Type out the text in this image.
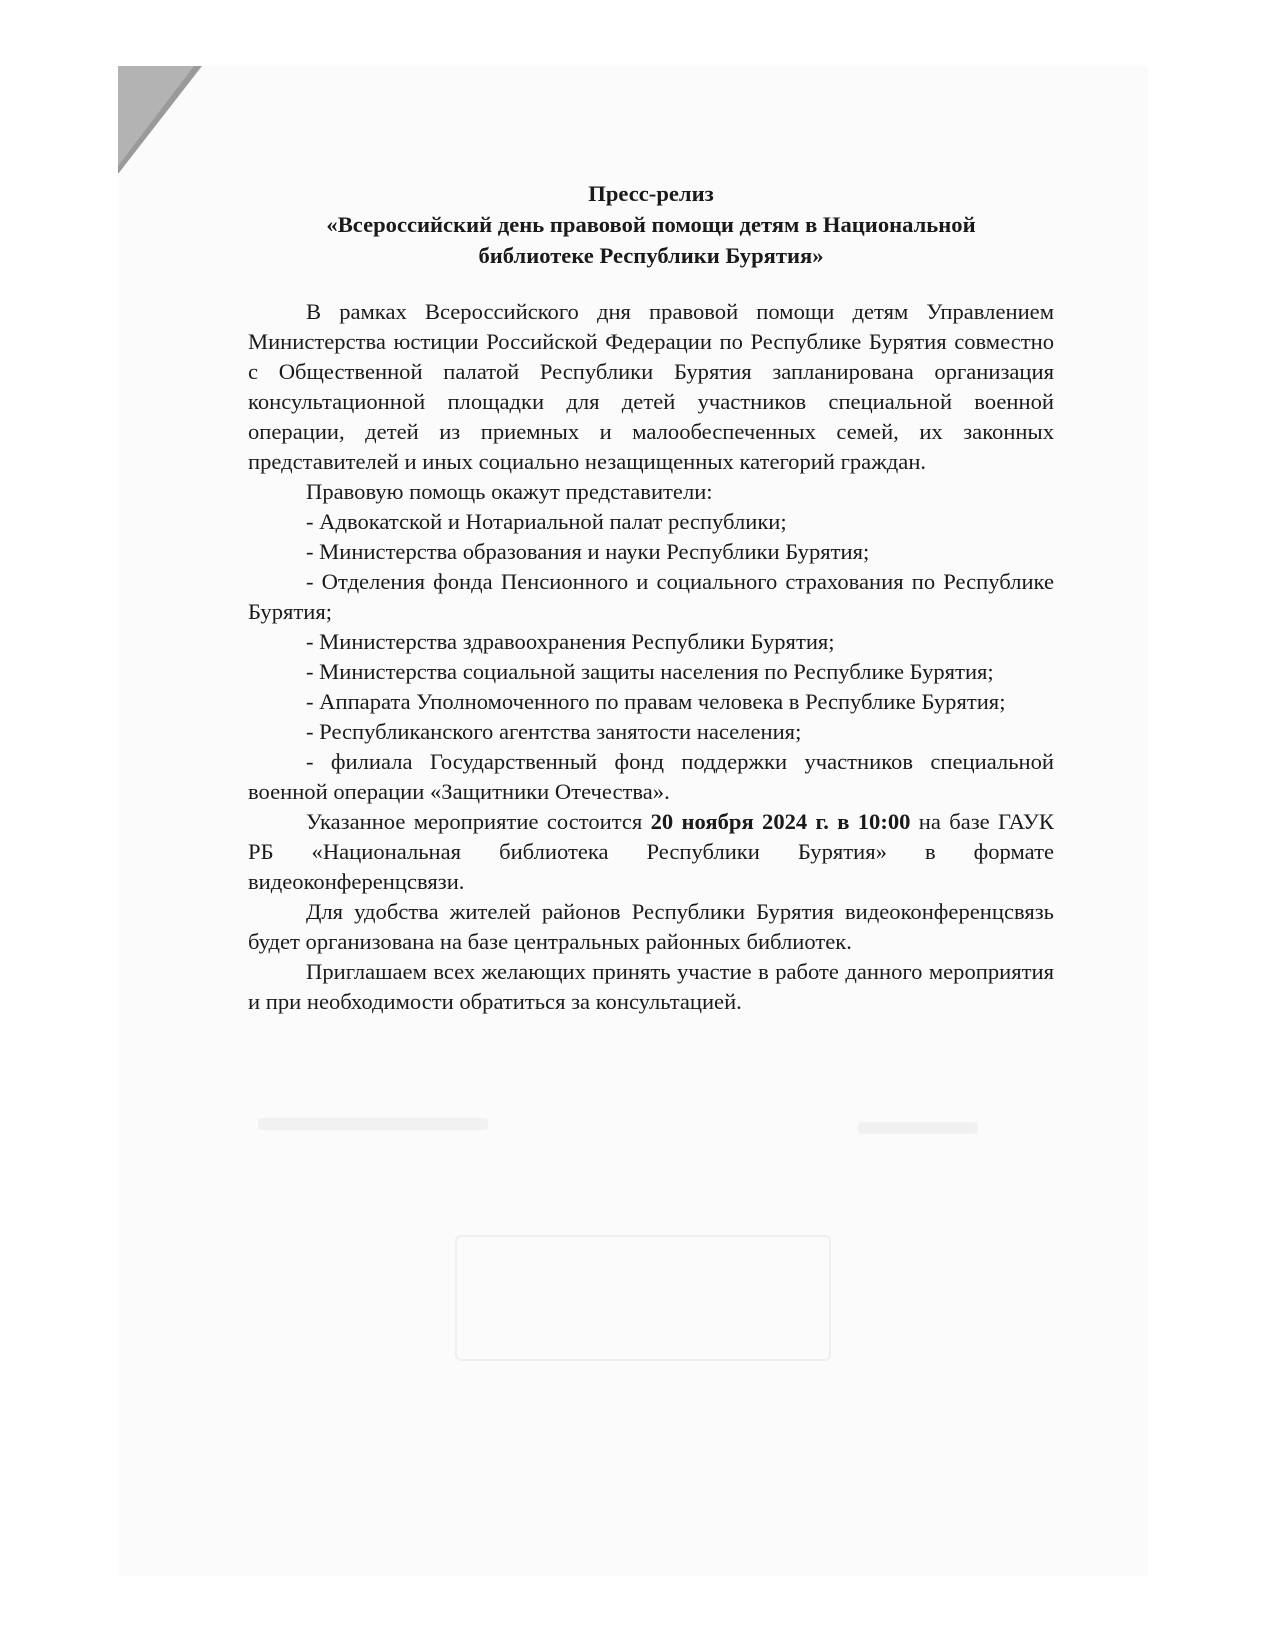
Пресс-релиз
«Всероссийский день правовой помощи детям в Национальной
библиотеке Республики Бурятия»

В рамках Всероссийского дня правовой помощи детям Управлением Министерства юстиции Российской Федерации по Республике Бурятия совместно с Общественной палатой Республики Бурятия запланирована организация консультационной площадки для детей участников специальной военной операции, детей из приемных и малообеспеченных семей, их законных представителей и иных социально незащищенных категорий граждан.

Правовую помощь окажут представители:

- Адвокатской и Нотариальной палат республики;
- Министерства образования и науки Республики Бурятия;
- Отделения фонда Пенсионного и социального страхования по Республике Бурятия;
- Министерства здравоохранения Республики Бурятия;
- Министерства социальной защиты населения по Республике Бурятия;
- Аппарата Уполномоченного по правам человека в Республике Бурятия;
- Республиканского агентства занятости населения;
- филиала Государственный фонд поддержки участников специальной военной операции «Защитники Отечества».

Указанное мероприятие состоится 20 ноября 2024 г. в 10:00 на базе ГАУК РБ «Национальная библиотека Республики Бурятия» в формате видеоконференцсвязи.

Для удобства жителей районов Республики Бурятия видеоконференцсвязь будет организована на базе центральных районных библиотек.

Приглашаем всех желающих принять участие в работе данного мероприятия и при необходимости обратиться за консультацией.
